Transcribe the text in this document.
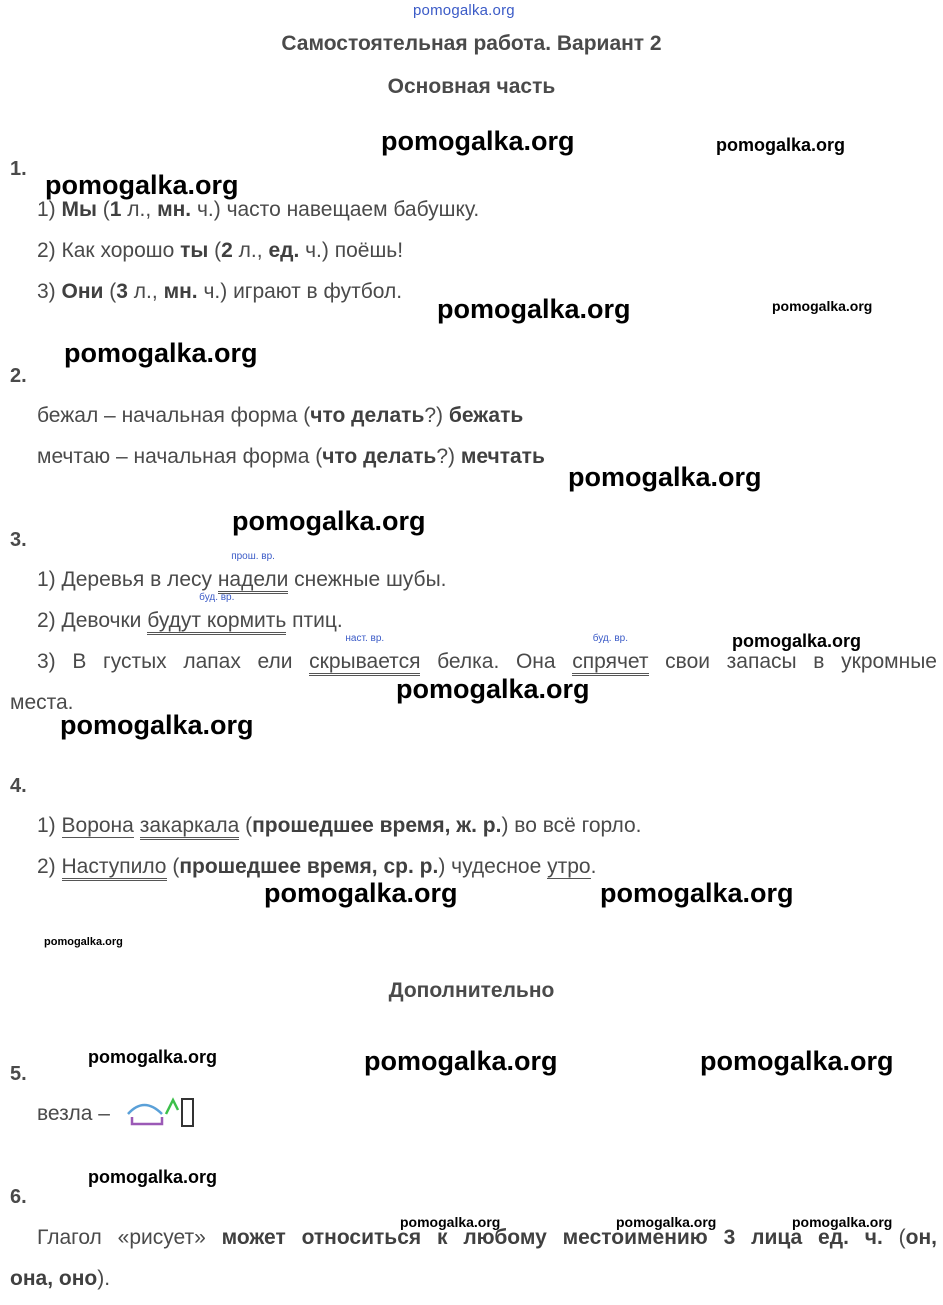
pomogalka.org
Самостоятельная работа. Вариант 2
Основная часть
pomogalka.org	pomogalka.org
1.
pomogalka.org
1) Мы (1 л., мн. ч.) часто навещаем бабушку.
2) Как хорошо ты (2 л., ед. ч.) поёшь!
3) Они (3 л., мн. ч.) играют в футбол.
pomogalka.org	pomogalka.org
pomogalka.org
2.
бежал – начальная форма (что делать?) бежать
мечтаю – начальная форма (что делать?) мечтать
pomogalka.org
pomogalka.org
3.
1) Деревья в лесу
прош. вр.
надели снежные шубы.
2) Девочки
буд. вр.
будут кормить птиц.
pomogalka.org
3) В густых лапах ели
наст. вр.
скрывается белка. Она
буд. вр.
спрячет свои запасы в укромные
места.	pomogalka.org
pomogalka.org
4.
1) Ворона закаркала (прошедшее время, ж. р.) во всё горло.
2) Наступило (прошедшее время, ср. р.) чудесное утро.
pomogalka.org	pomogalka.org
pomogalka.org
Дополнительно
pomogalka.org	pomogalka.org	pomogalka.org
5.
везла –
pomogalka.org
6.
pomogalka.org	pomogalka.org	pomogalka.org
Глагол «рисует» может относиться к любому местоимению 3 лица ед. ч. (он,
она, оно).
